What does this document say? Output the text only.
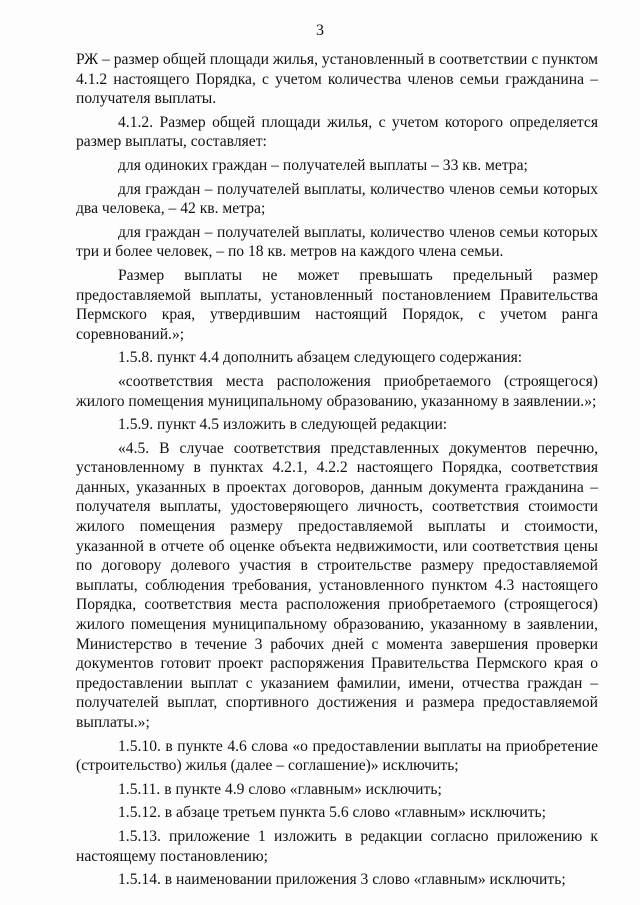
3

РЖ – размер общей площади жилья, установленный в соответствии с пунктом 4.1.2 настоящего Порядка, с учетом количества членов семьи гражданина – получателя выплаты.

4.1.2. Размер общей площади жилья, с учетом которого определяется размер выплаты, составляет:

для одиноких граждан – получателей выплаты – 33 кв. метра;

для граждан – получателей выплаты, количество членов семьи которых два человека, – 42 кв. метра;

для граждан – получателей выплаты, количество членов семьи которых три и более человек, – по 18 кв. метров на каждого члена семьи.

Размер выплаты не может превышать предельный размер предоставляемой выплаты, установленный постановлением Правительства Пермского края, утвердившим настоящий Порядок, с учетом ранга соревнований.»;

1.5.8. пункт 4.4 дополнить абзацем следующего содержания:

«соответствия места расположения приобретаемого (строящегося) жилого помещения муниципальному образованию, указанному в заявлении.»;

1.5.9. пункт 4.5 изложить в следующей редакции:

«4.5. В случае соответствия представленных документов перечню, установленному в пунктах 4.2.1, 4.2.2 настоящего Порядка, соответствия данных, указанных в проектах договоров, данным документа гражданина – получателя выплаты, удостоверяющего личность, соответствия стоимости жилого помещения размеру предоставляемой выплаты и стоимости, указанной в отчете об оценке объекта недвижимости, или соответствия цены по договору долевого участия в строительстве размеру предоставляемой выплаты, соблюдения требования, установленного пунктом 4.3 настоящего Порядка, соответствия места расположения приобретаемого (строящегося) жилого помещения муниципальному образованию, указанному в заявлении, Министерство в течение 3 рабочих дней с момента завершения проверки документов готовит проект распоряжения Правительства Пермского края о предоставлении выплат с указанием фамилии, имени, отчества граждан – получателей выплат, спортивного достижения и размера предоставляемой выплаты.»;

1.5.10. в пункте 4.6 слова «о предоставлении выплаты на приобретение (строительство) жилья (далее – соглашение)» исключить;

1.5.11. в пункте 4.9 слово «главным» исключить;

1.5.12. в абзаце третьем пункта 5.6 слово «главным» исключить;

1.5.13. приложение 1 изложить в редакции согласно приложению к настоящему постановлению;

1.5.14. в наименовании приложения 3 слово «главным» исключить;
